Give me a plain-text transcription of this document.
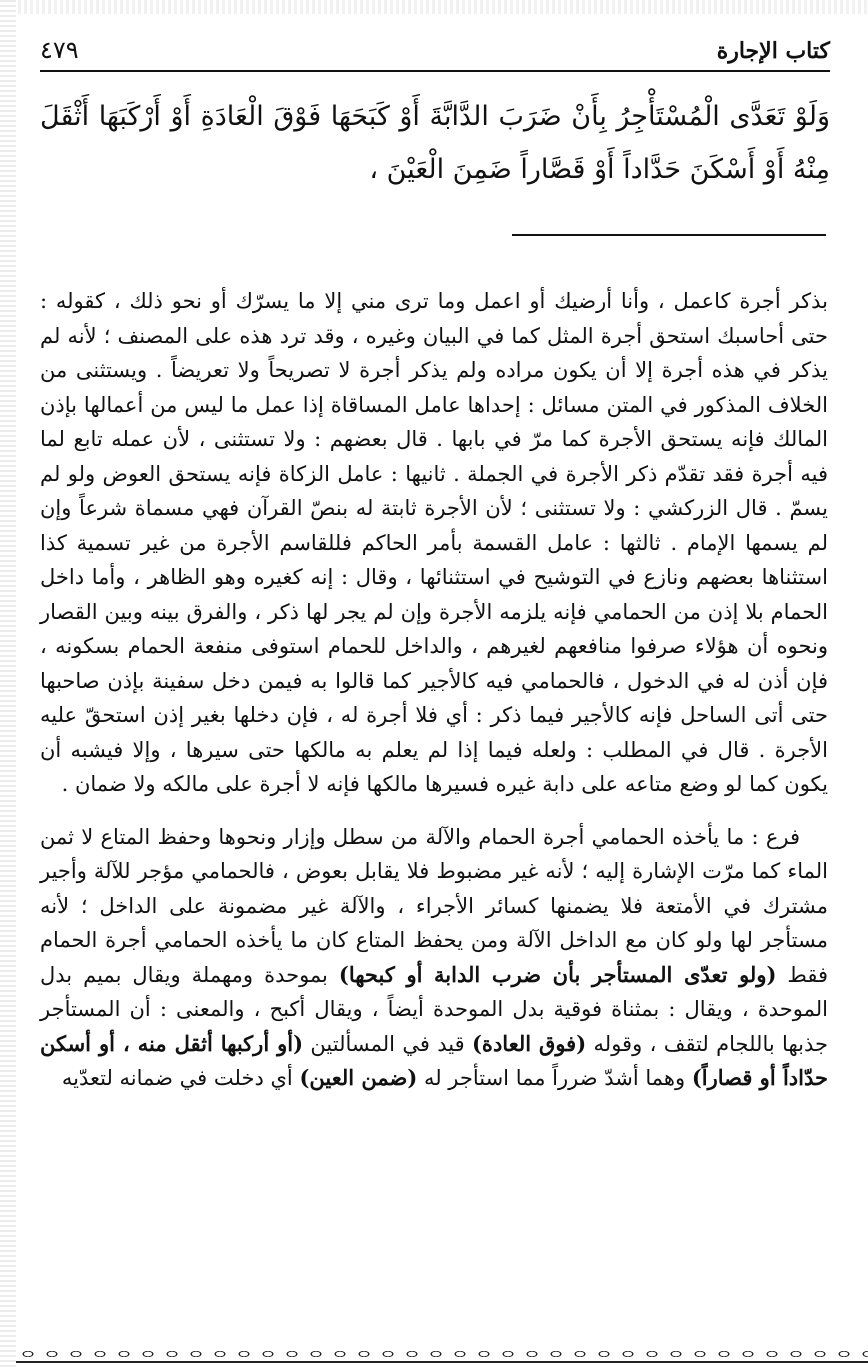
كتاب الإجارة
٤٧٩
وَلَوْ تَعَدَّى الْمُسْتَأْجِرُ بِأَنْ ضَرَبَ الدَّابَّةَ أَوْ كَبَحَهَا فَوْقَ الْعَادَةِ أَوْ أَرْكَبَهَا أَثْقَلَ مِنْهُ أَوْ أَسْكَنَ حَدَّاداً أَوْ قَصَّاراً ضَمِنَ الْعَيْنَ ،

بذكر أجرة كاعمل ، وأنا أرضيك أو اعمل وما ترى مني إلا ما يسرّك أو نحو ذلك ، كقوله : حتى أحاسبك استحق أجرة المثل كما في البيان وغيره ، وقد ترد هذه على المصنف ؛ لأنه لم يذكر في هذه أجرة إلا أن يكون مراده ولم يذكر أجرة لا تصريحاً ولا تعريضاً . ويستثنى من الخلاف المذكور في المتن مسائل : إحداها عامل المساقاة إذا عمل ما ليس من أعمالها بإذن المالك فإنه يستحق الأجرة كما مرّ في بابها . قال بعضهم : ولا تستثنى ، لأن عمله تابع لما فيه أجرة فقد تقدّم ذكر الأجرة في الجملة . ثانيها : عامل الزكاة فإنه يستحق العوض ولو لم يسمّ . قال الزركشي : ولا تستثنى ؛ لأن الأجرة ثابتة له بنصّ القرآن فهي مسماة شرعاً وإن لم يسمها الإمام . ثالثها : عامل القسمة بأمر الحاكم فللقاسم الأجرة من غير تسمية كذا استثناها بعضهم ونازع في التوشيح في استثنائها ، وقال : إنه كغيره وهو الظاهر ، وأما داخل الحمام بلا إذن من الحمامي فإنه يلزمه الأجرة وإن لم يجر لها ذكر ، والفرق بينه وبين القصار ونحوه أن هؤلاء صرفوا منافعهم لغيرهم ، والداخل للحمام استوفى منفعة الحمام بسكونه ، فإن أذن له في الدخول ، فالحمامي فيه كالأجير كما قالوا به فيمن دخل سفينة بإذن صاحبها حتى أتى الساحل فإنه كالأجير فيما ذكر : أي فلا أجرة له ، فإن دخلها بغير إذن استحقّ عليه الأجرة . قال في المطلب : ولعله فيما إذا لم يعلم به مالكها حتى سيرها ، وإلا فيشبه أن يكون كما لو وضع متاعه على دابة غيره فسيرها مالكها فإنه لا أجرة على مالكه ولا ضمان .

فرع : ما يأخذه الحمامي أجرة الحمام والآلة من سطل وإزار ونحوها وحفظ المتاع لا ثمن الماء كما مرّت الإشارة إليه ؛ لأنه غير مضبوط فلا يقابل بعوض ، فالحمامي مؤجر للآلة وأجير مشترك في الأمتعة فلا يضمنها كسائر الأجراء ، والآلة غير مضمونة على الداخل ؛ لأنه مستأجر لها ولو كان مع الداخل الآلة ومن يحفظ المتاع كان ما يأخذه الحمامي أجرة الحمام فقط (ولو تعدّى المستأجر بأن ضرب الدابة أو كبحها) بموحدة ومهملة ويقال بميم بدل الموحدة ، ويقال : بمثناة فوقية بدل الموحدة أيضاً ، ويقال أكبح ، والمعنى : أن المستأجر جذبها باللجام لتقف ، وقوله (فوق العادة) قيد في المسألتين (أو أركبها أثقل منه ، أو أسكن حدّاداً أو قصاراً) وهما أشدّ ضرراً مما استأجر له (ضمن العين) أي دخلت في ضمانه لتعدّيه
